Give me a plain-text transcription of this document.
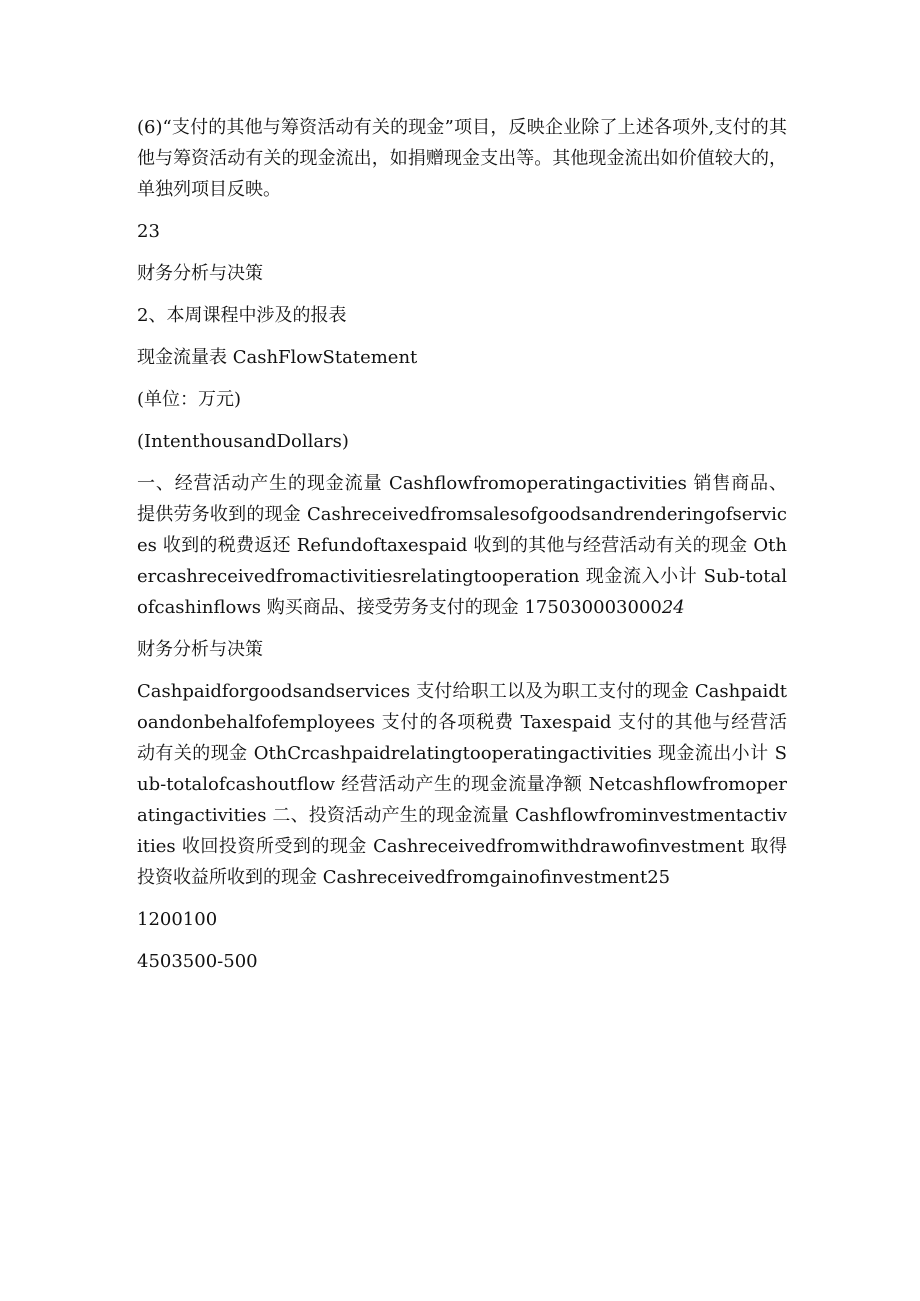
(6)“支付的其他与筹资活动有关的现金”项目，反映企业除了上述各项外,支付的其他与筹资活动有关的现金流出，如捐赠现金支出等。其他现金流出如价值较大的，单独列项目反映。

23
财务分析与决策
2、本周课程中涉及的报表
现金流量表 CashFlowStatement
(单位：万元)
(IntenthousandDollars)

一、经营活动产生的现金流量 Cashflowfromoperatingactivities 销售商品、提供劳务收到的现金 Cashreceivedfromsalesofgoodsandrenderingofservices 收到的税费返还 Refundoftaxespaid 收到的其他与经营活动有关的现金 Othercashreceivedfromactivitiesrelatingtooperation 现金流入小计 Sub-totalofcashinflows 购买商品、接受劳务支付的现金 17503000300024

财务分析与决策

Cashpaidforgoodsandservices 支付给职工以及为职工支付的现金 Cashpaidtoandonbehalfofemployees 支付的各项税费 Taxespaid 支付的其他与经营活动有关的现金 OthCrcashpaidrelatingtooperatingactivities 现金流出小计 Sub-totalofcashoutflow 经营活动产生的现金流量净额 Netcashflowfromoperatingactivities 二、投资活动产生的现金流量 Cashflowfrominvestmentactivities 收回投资所受到的现金 Cashreceivedfromwithdrawofinvestment 取得投资收益所收到的现金 Cashreceivedfromgainofinvestment25

1200100
4503500-500
